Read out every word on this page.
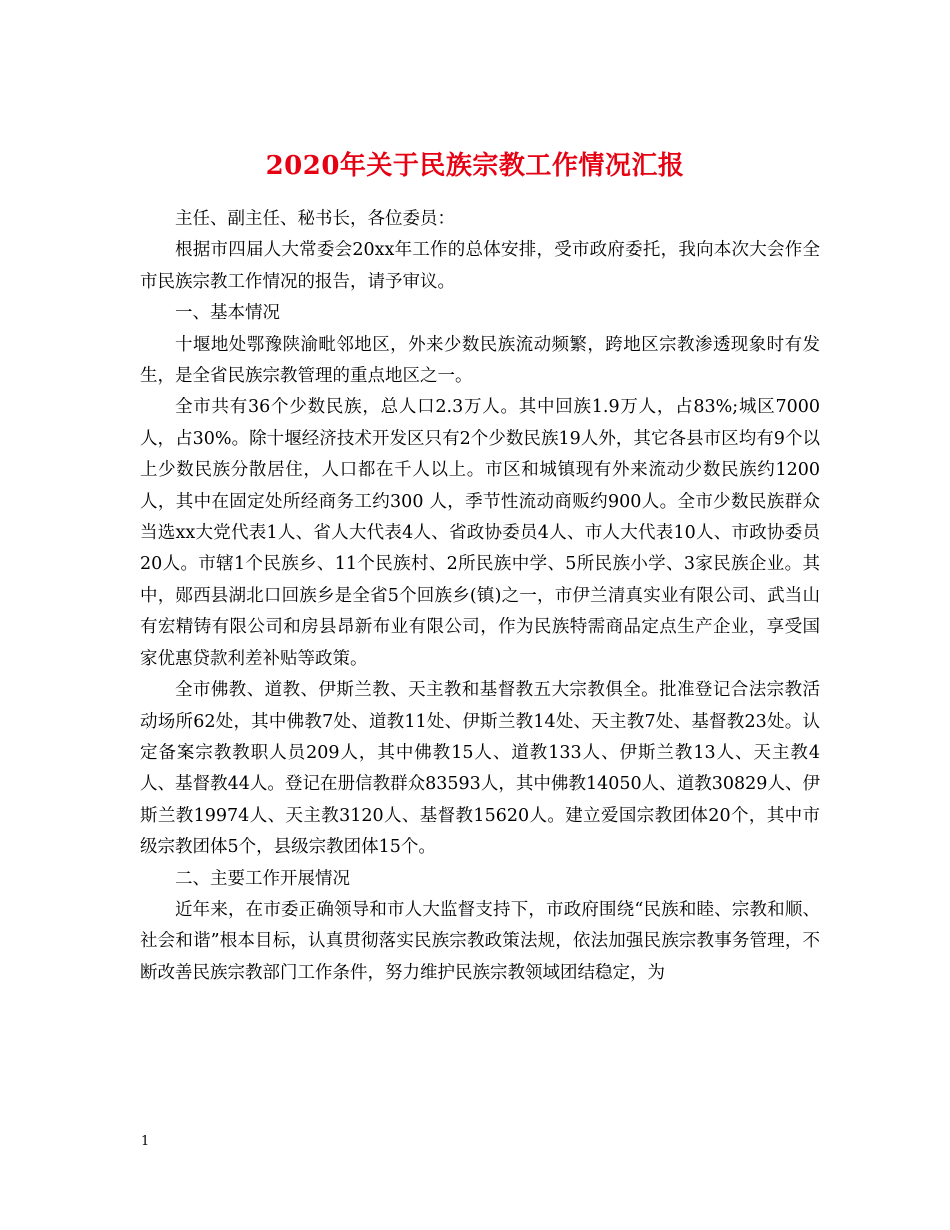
2020年关于民族宗教工作情况汇报

主任、副主任、秘书长，各位委员：

根据市四届人大常委会20xx年工作的总体安排，受市政府委托，我向本次大会作全市民族宗教工作情况的报告，请予审议。

一、基本情况

十堰地处鄂豫陕渝毗邻地区，外来少数民族流动频繁，跨地区宗教渗透现象时有发生，是全省民族宗教管理的重点地区之一。

全市共有36个少数民族，总人口2.3万人。其中回族1.9万人，占83%;城区7000人，占30%。除十堰经济技术开发区只有2个少数民族19人外，其它各县市区均有9个以上少数民族分散居住，人口都在千人以上。市区和城镇现有外来流动少数民族约1200人，其中在固定处所经商务工约300 人，季节性流动商贩约900人。全市少数民族群众当选xx大党代表1人、省人大代表4人、省政协委员4人、市人大代表10人、市政协委员20人。市辖1个民族乡、11个民族村、2所民族中学、5所民族小学、3家民族企业。其中，郧西县湖北口回族乡是全省5个回族乡(镇)之一，市伊兰清真实业有限公司、武当山有宏精铸有限公司和房县昂新布业有限公司，作为民族特需商品定点生产企业，享受国家优惠贷款利差补贴等政策。

全市佛教、道教、伊斯兰教、天主教和基督教五大宗教俱全。批准登记合法宗教活动场所62处，其中佛教7处、道教11处、伊斯兰教14处、天主教7处、基督教23处。认定备案宗教教职人员209人，其中佛教15人、道教133人、伊斯兰教13人、天主教4人、基督教44人。登记在册信教群众83593人，其中佛教14050人、道教30829人、伊斯兰教19974人、天主教3120人、基督教15620人。建立爱国宗教团体20个，其中市级宗教团体5个，县级宗教团体15个。

二、主要工作开展情况

近年来，在市委正确领导和市人大监督支持下，市政府围绕“民族和睦、宗教和顺、社会和谐”根本目标，认真贯彻落实民族宗教政策法规，依法加强民族宗教事务管理，不断改善民族宗教部门工作条件，努力维护民族宗教领域团结稳定，为

1
